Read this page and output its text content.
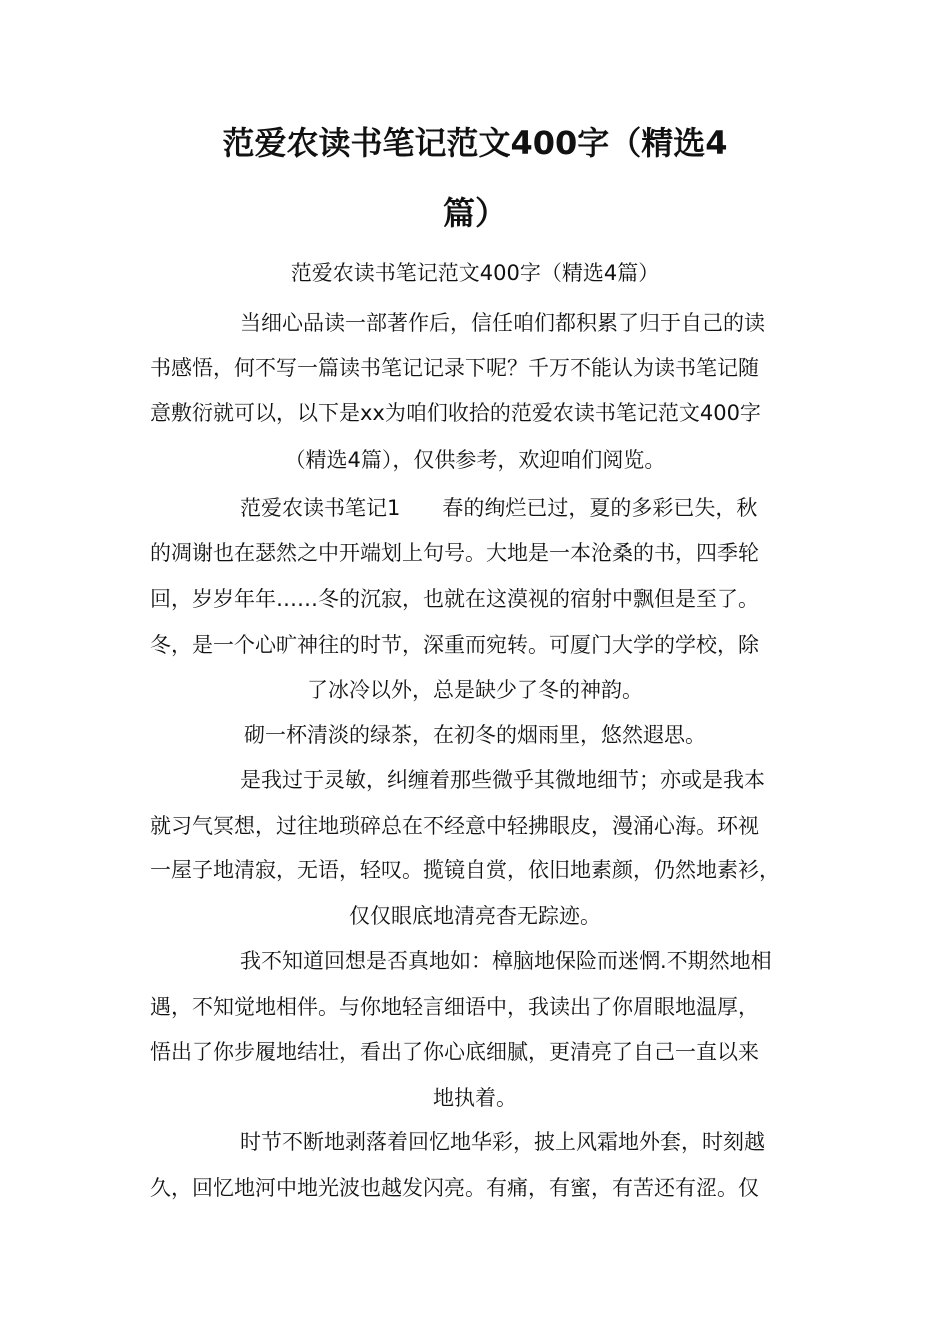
范爱农读书笔记范文400字（精选4
篇）

范爱农读书笔记范文400字（精选4篇）

当细心品读一部著作后，信任咱们都积累了归于自己的读

书感悟，何不写一篇读书笔记记录下呢？千万不能认为读书笔记随

意敷衍就可以，以下是xx为咱们收拾的范爱农读书笔记范文400字

（精选4篇），仅供参考，欢迎咱们阅览。

范爱农读书笔记1　　春的绚烂已过，夏的多彩已失，秋

的凋谢也在瑟然之中开端划上句号。大地是一本沧桑的书，四季轮

回，岁岁年年……冬的沉寂，也就在这漠视的宿射中飘但是至了。

冬，是一个心旷神往的时节，深重而宛转。可厦门大学的学校，除

了冰冷以外，总是缺少了冬的神韵。

砌一杯清淡的绿茶，在初冬的烟雨里，悠然遐思。

是我过于灵敏，纠缠着那些微乎其微地细节；亦或是我本

就习气冥想，过往地琐碎总在不经意中轻拂眼皮，漫涌心海。环视

一屋子地清寂，无语，轻叹。揽镜自赏，依旧地素颜，仍然地素衫，

仅仅眼底地清亮杳无踪迹。

我不知道回想是否真地如：樟脑地保险而迷惘.不期然地相

遇，不知觉地相伴。与你地轻言细语中，我读出了你眉眼地温厚，

悟出了你步履地结壮，看出了你心底细腻，更清亮了自己一直以来

地执着。

时节不断地剥落着回忆地华彩，披上风霜地外套，时刻越

久，回忆地河中地光波也越发闪亮。有痛，有蜜，有苦还有涩。仅
